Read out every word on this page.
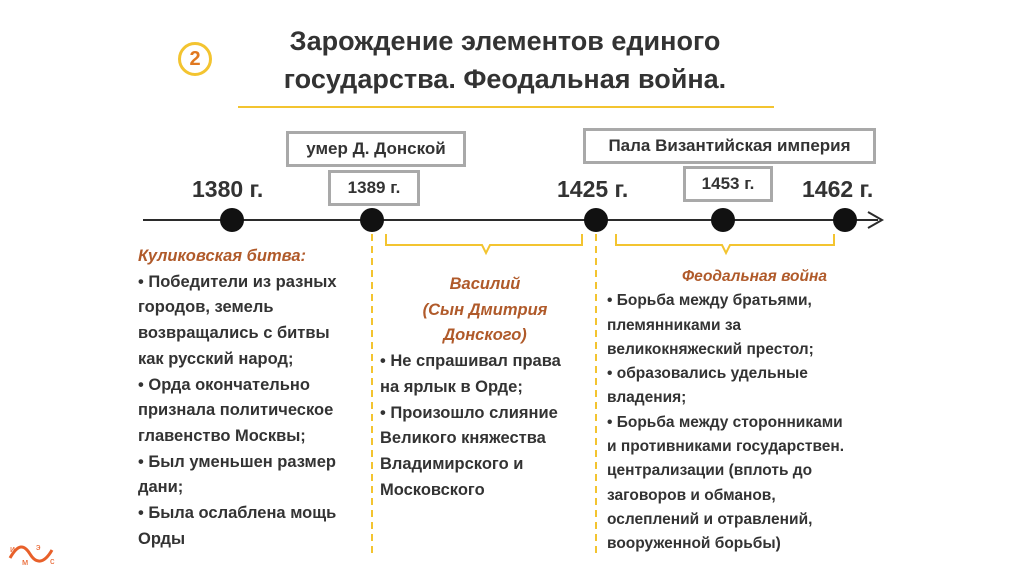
2
Зарождение элементов единого
государства. Феодальная война.
умер Д. Донской	Пала Византийская империя
1389 г.	1453 г.
1380 г.	1425 г.	1462 г.
Куликовская битва:
• Победители из разных
городов, земель
возвращались с битвы
как русский народ;
• Орда окончательно
признала политическое
главенство Москвы;
• Был уменьшен размер
дани;
• Была ослаблена мощь
Орды
Василий
(Сын Дмитрия
Донского)
• Не спрашивал права
на ярлык в Орде;
• Произошло слияние
Великого княжества
Владимирского и
Московского
Феодальная война
• Борьба между братьями,
племянниками за
великокняжеский престол;
• образовались удельные
владения;
• Борьба между сторонниками
и противниками государствен.
централизации (вплоть до
заговоров и обманов,
ослеплений и отравлений,
вооруженной борьбы)
и
м
э
с
